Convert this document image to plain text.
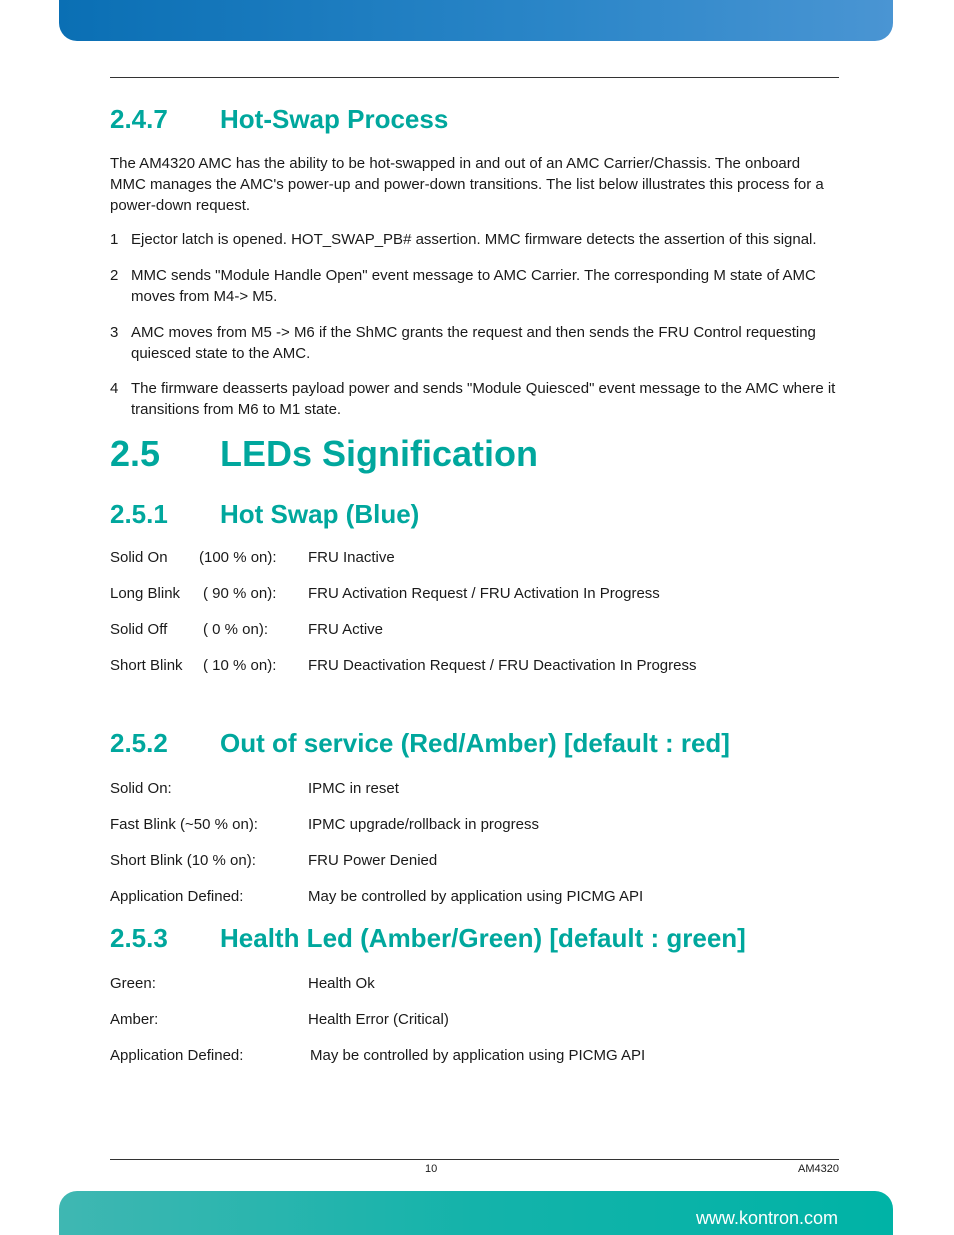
2.4.7 Hot-Swap Process
The AM4320 AMC has the ability to be hot-swapped in and out of an AMC Carrier/Chassis. The onboard MMC manages the AMC's power-up and power-down transitions. The list below illustrates this process for a power-down request.
1 Ejector latch is opened. HOT_SWAP_PB# assertion. MMC firmware detects the assertion of this signal.
2 MMC sends "Module Handle Open" event message to AMC Carrier. The corresponding M state of AMC moves from M4-> M5.
3 AMC moves from M5 -> M6 if the ShMC grants the request and then sends the FRU Control requesting quiesced state to the AMC.
4 The firmware deasserts payload power and sends "Module Quiesced" event message to the AMC where it transitions from M6 to M1 state.
2.5 LEDs Signification
2.5.1 Hot Swap (Blue)
Solid On (100 % on): FRU Inactive
Long Blink ( 90 % on): FRU Activation Request / FRU Activation In Progress
Solid Off ( 0 % on):	FRU Active
Short Blink ( 10 % on): FRU Deactivation Request / FRU Deactivation In Progress
2.5.2 Out of service (Red/Amber) [default : red]
Solid On:	IPMC in reset
Fast Blink (~50 % on):	IPMC upgrade/rollback in progress
Short Blink (10 % on):	FRU Power Denied
Application Defined:	May be controlled by application using PICMG API
2.5.3 Health Led (Amber/Green) [default : green]
Green:	Health Ok
Amber:	Health Error (Critical)
Application Defined:	May be controlled by application using PICMG API
10	AM4320
www.kontron.com
